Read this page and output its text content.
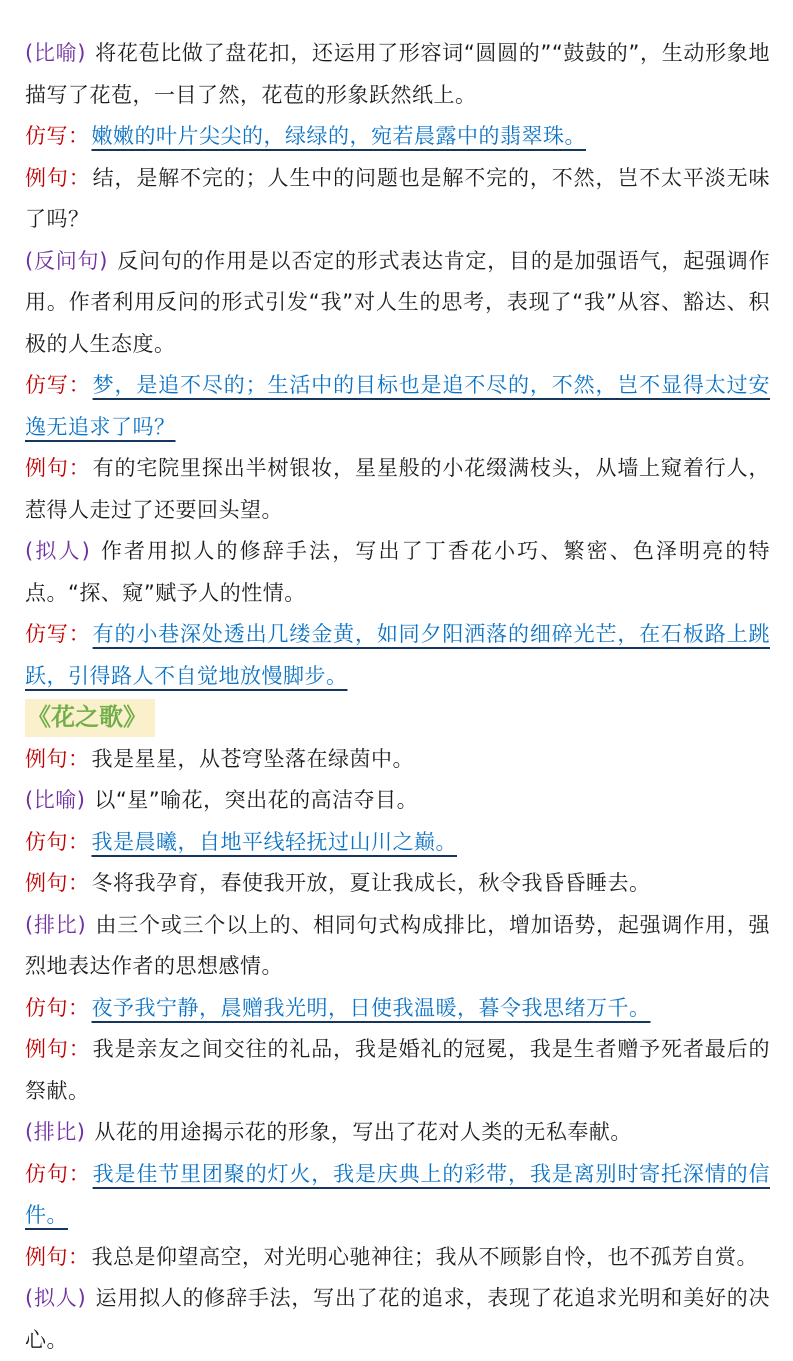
(比喻) 将花苞比做了盘花扣，还运用了形容词“圆圆的”“鼓鼓的”，生动形象地描写了花苞，一目了然，花苞的形象跃然纸上。

仿写：嫩嫩的叶片尖尖的，绿绿的，宛若晨露中的翡翠珠。

例句：结，是解不完的；人生中的问题也是解不完的，不然，岂不太平淡无味了吗？

(反问句) 反问句的作用是以否定的形式表达肯定，目的是加强语气，起强调作用。作者利用反问的形式引发“我”对人生的思考，表现了“我”从容、豁达、积极的人生态度。

仿写：梦，是追不尽的；生活中的目标也是追不尽的，不然，岂不显得太过安逸无追求了吗？

例句：有的宅院里探出半树银妆，星星般的小花缀满枝头，从墙上窥着行人，惹得人走过了还要回头望。

(拟人) 作者用拟人的修辞手法，写出了丁香花小巧、繁密、色泽明亮的特点。“探、窥”赋予人的性情。

仿写：有的小巷深处透出几缕金黄，如同夕阳洒落的细碎光芒，在石板路上跳跃，引得路人不自觉地放慢脚步。

《花之歌》

例句：我是星星，从苍穹坠落在绿茵中。

(比喻) 以“星”喻花，突出花的高洁夺目。

仿句：我是晨曦，自地平线轻抚过山川之巅。

例句：冬将我孕育，春使我开放，夏让我成长，秋令我昏昏睡去。

(排比) 由三个或三个以上的、相同句式构成排比，增加语势，起强调作用，强烈地表达作者的思想感情。

仿句：夜予我宁静，晨赠我光明，日使我温暖，暮令我思绪万千。

例句：我是亲友之间交往的礼品，我是婚礼的冠冕，我是生者赠予死者最后的祭献。

(排比) 从花的用途揭示花的形象，写出了花对人类的无私奉献。

仿句：我是佳节里团聚的灯火，我是庆典上的彩带，我是离别时寄托深情的信件。

例句：我总是仰望高空，对光明心驰神往；我从不顾影自怜，也不孤芳自赏。

(拟人) 运用拟人的修辞手法，写出了花的追求，表现了花追求光明和美好的决心。
